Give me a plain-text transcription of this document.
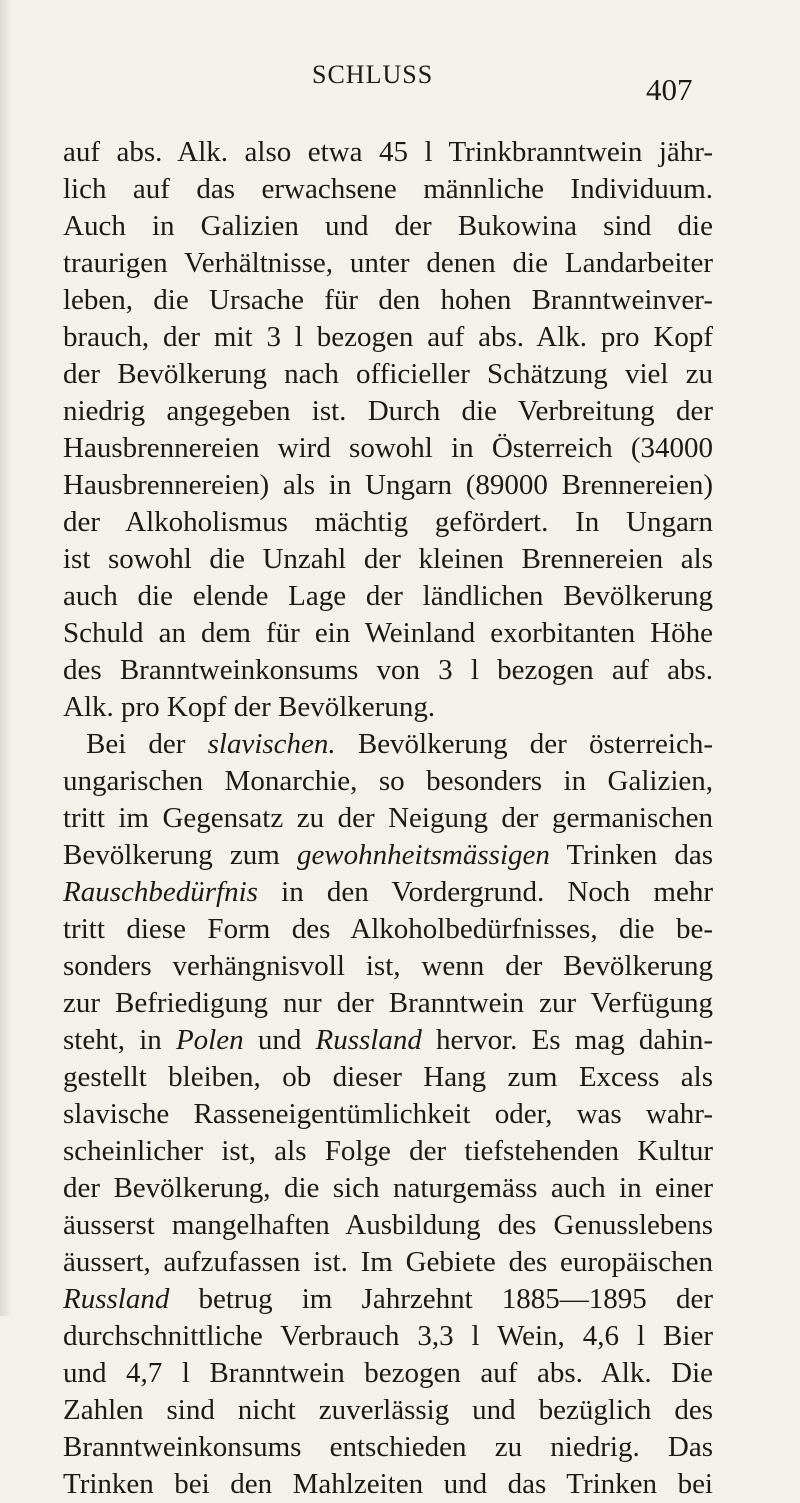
SCHLUSS	407
auf abs. Alk. also etwa 45 l Trinkbranntwein jähr-
lich auf das erwachsene männliche Individuum.
Auch in Galizien und der Bukowina sind die
traurigen Verhältnisse, unter denen die Landarbeiter
leben, die Ursache für den hohen Branntweinver-
brauch, der mit 3 l bezogen auf abs. Alk. pro Kopf
der Bevölkerung nach officieller Schätzung viel zu
niedrig angegeben ist. Durch die Verbreitung der
Hausbrennereien wird sowohl in Österreich (34000
Hausbrennereien) als in Ungarn (89000 Brennereien)
der Alkoholismus mächtig gefördert. In Ungarn
ist sowohl die Unzahl der kleinen Brennereien als
auch die elende Lage der ländlichen Bevölkerung
Schuld an dem für ein Weinland exorbitanten Höhe
des Branntweinkonsums von 3 l bezogen auf abs.
Alk. pro Kopf der Bevölkerung.
Bei der slavischen. Bevölkerung der österreich-
ungarischen Monarchie, so besonders in Galizien,
tritt im Gegensatz zu der Neigung der germanischen
Bevölkerung zum gewohnheitsmässigen Trinken das
Rauschbedürfnis in den Vordergrund. Noch mehr
tritt diese Form des Alkoholbedürfnisses, die be-
sonders verhängnisvoll ist, wenn der Bevölkerung
zur Befriedigung nur der Branntwein zur Verfügung
steht, in Polen und Russland hervor. Es mag dahin-
gestellt bleiben, ob dieser Hang zum Excess als
slavische Rasseneigentümlichkeit oder, was wahr-
scheinlicher ist, als Folge der tiefstehenden Kultur
der Bevölkerung, die sich naturgemäss auch in einer
äusserst mangelhaften Ausbildung des Genusslebens
äussert, aufzufassen ist. Im Gebiete des europäischen
Russland betrug im Jahrzehnt 1885—1895 der
durchschnittliche Verbrauch 3,3 l Wein, 4,6 l Bier
und 4,7 l Branntwein bezogen auf abs. Alk. Die
Zahlen sind nicht zuverlässig und bezüglich des
Branntweinkonsums entschieden zu niedrig. Das
Trinken bei den Mahlzeiten und das Trinken bei
